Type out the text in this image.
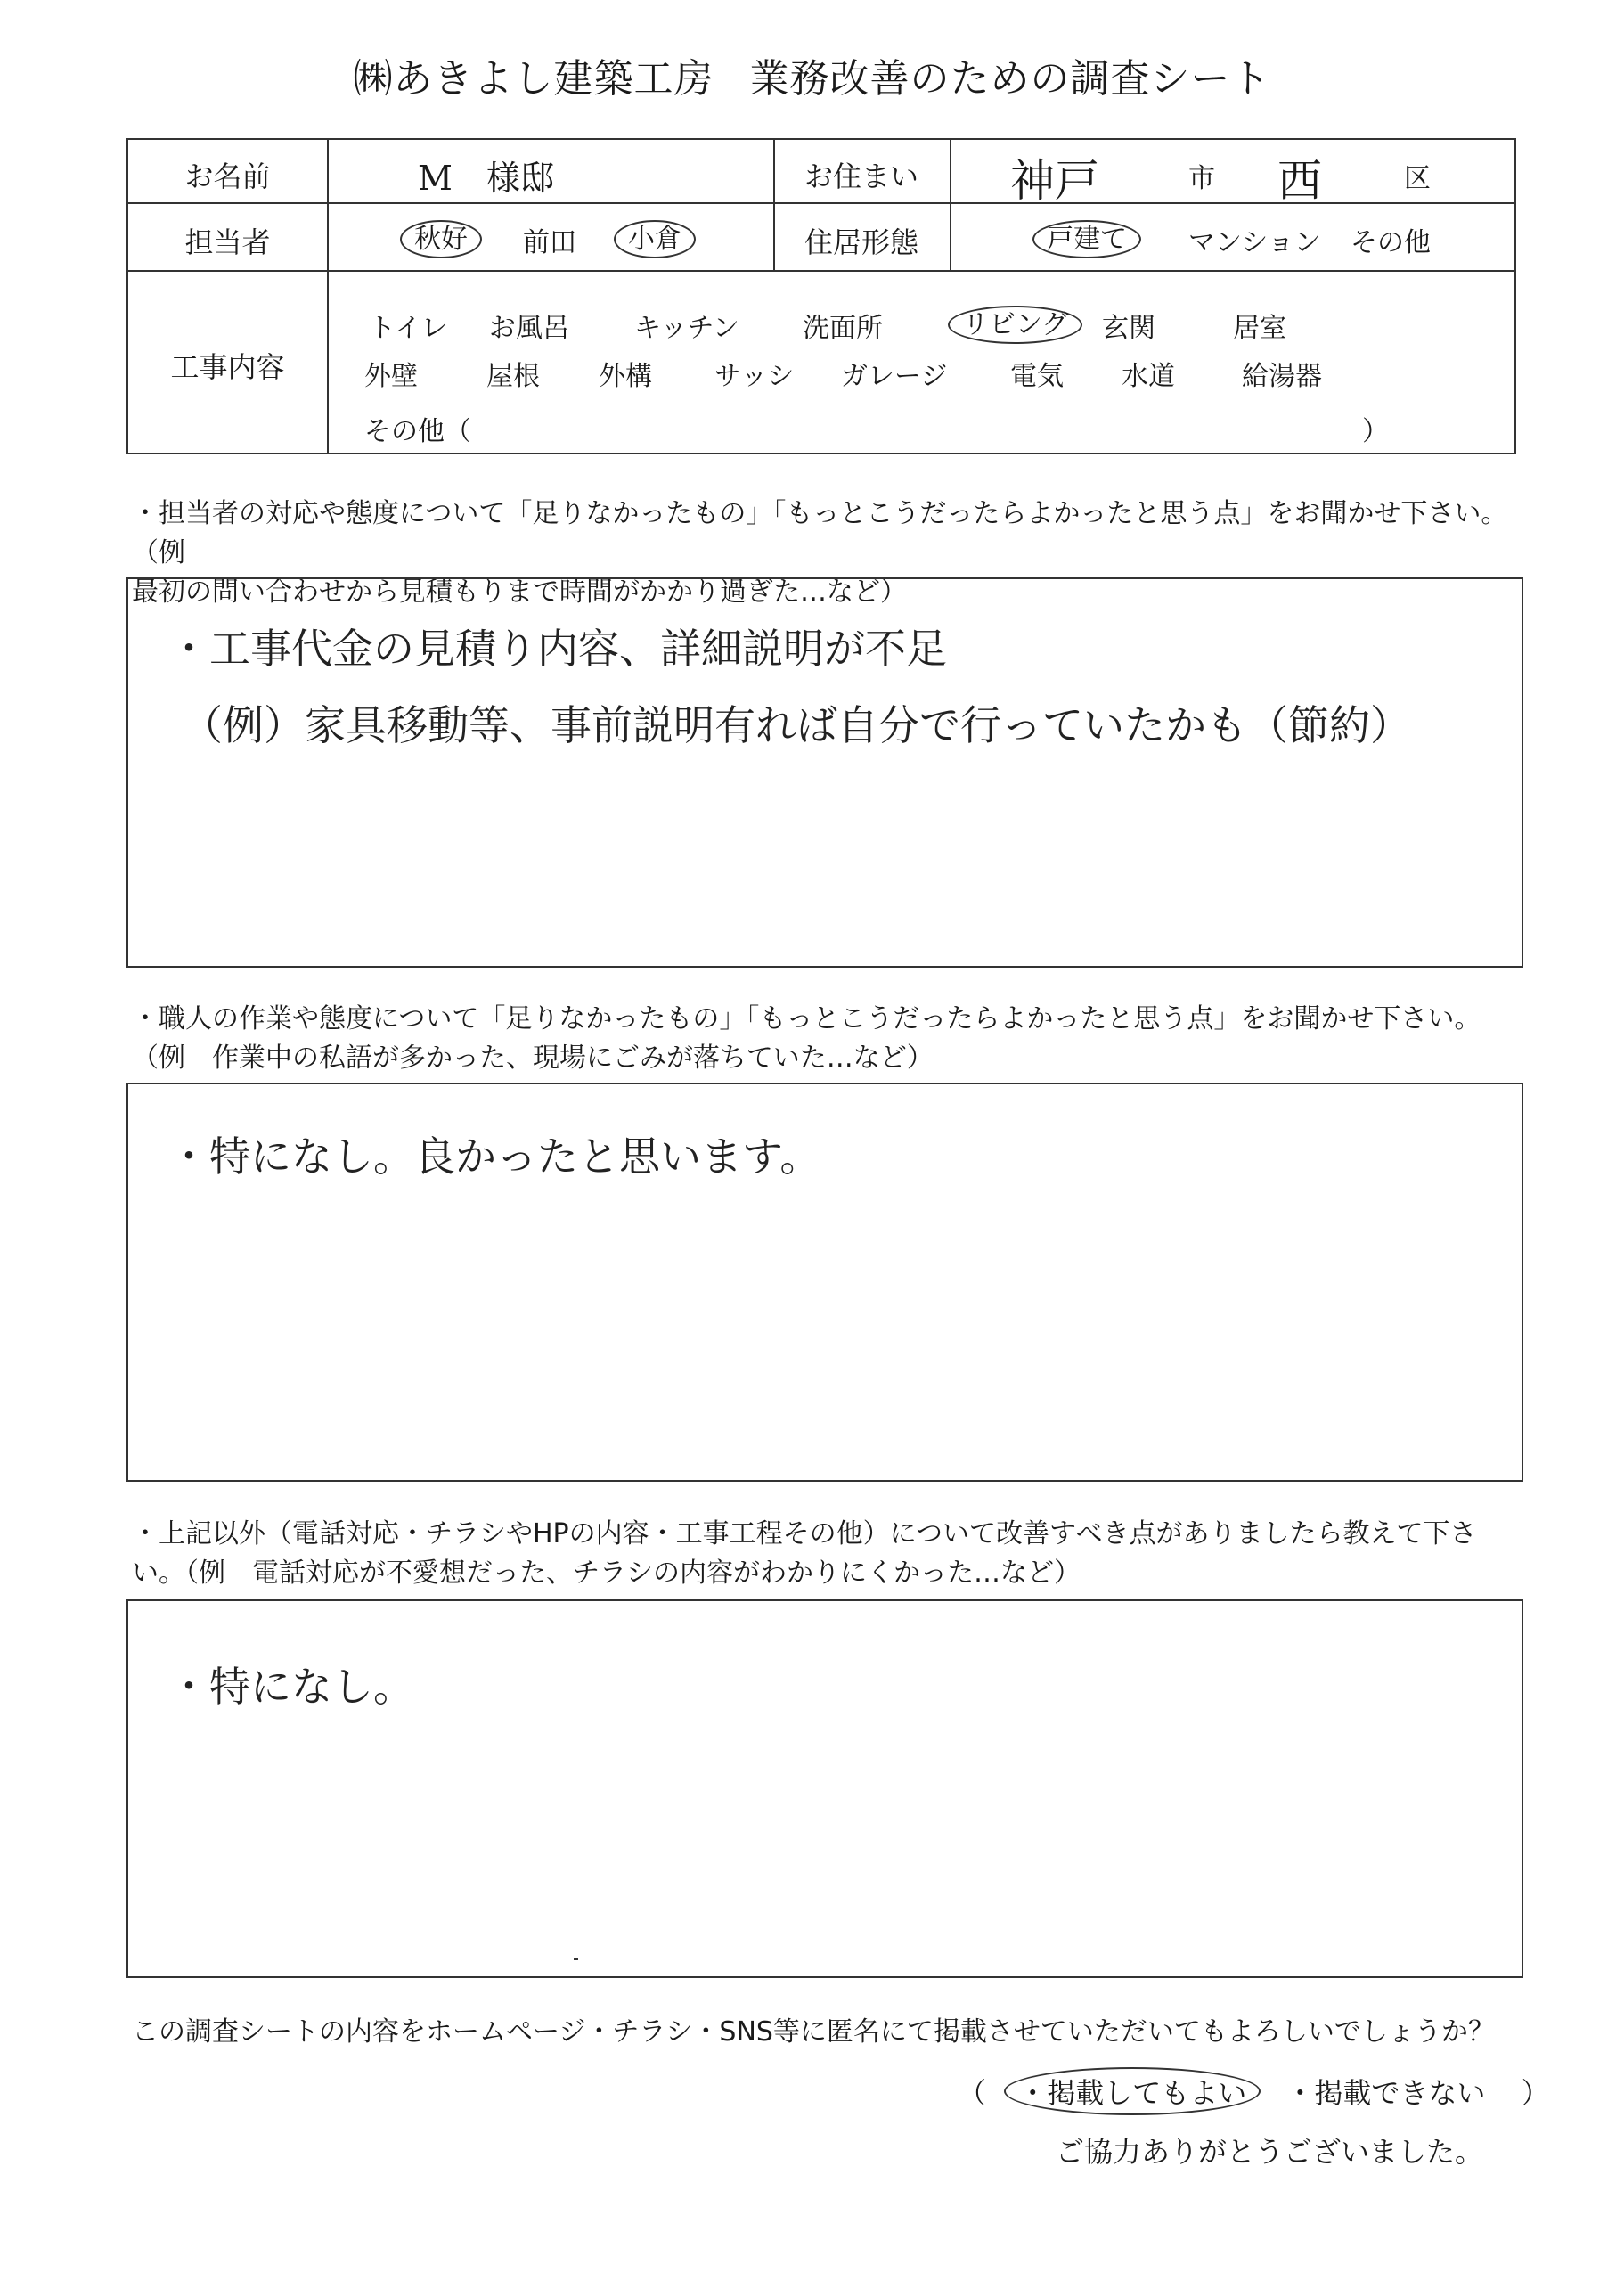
㈱あきよし建築工房 業務改善のための調査シート
お名前	M　様邸	お住まい	神戸	市 西	区
担当者	秋好	前田	小倉	住居形態	戸建て	マンション その他
工事内容
トイレ お風呂 キッチン 洗面所	リビング	玄関	居室
外壁	屋根 外構 サッシ ガレージ 電気 水道	給湯器
その他（	）
・担当者の対応や態度について「足りなかったもの」「もっとこうだったらよかったと思う点」をお聞かせ下さい。（例
最初の問い合わせから見積もりまで時間がかかり過ぎた…など）
・工事代金の見積り内容、詳細説明が不足
（例）家具移動等、事前説明有れば自分で行っていたかも（節約）
・職人の作業や態度について「足りなかったもの」「もっとこうだったらよかったと思う点」をお聞かせ下さい。
（例　作業中の私語が多かった、現場にごみが落ちていた…など）
・特になし。良かったと思います。
・上記以外（電話対応・チラシやHPの内容・工事工程その他）について改善すべき点がありましたら教えて下さ
い。（例　電話対応が不愛想だった、チラシの内容がわかりにくかった…など）
・特になし。
この調査シートの内容をホームページ・チラシ・SNS等に匿名にて掲載させていただいてもよろしいでしょうか？
（ ・掲載してもよい ・掲載できない ）
ご協力ありがとうございました。
